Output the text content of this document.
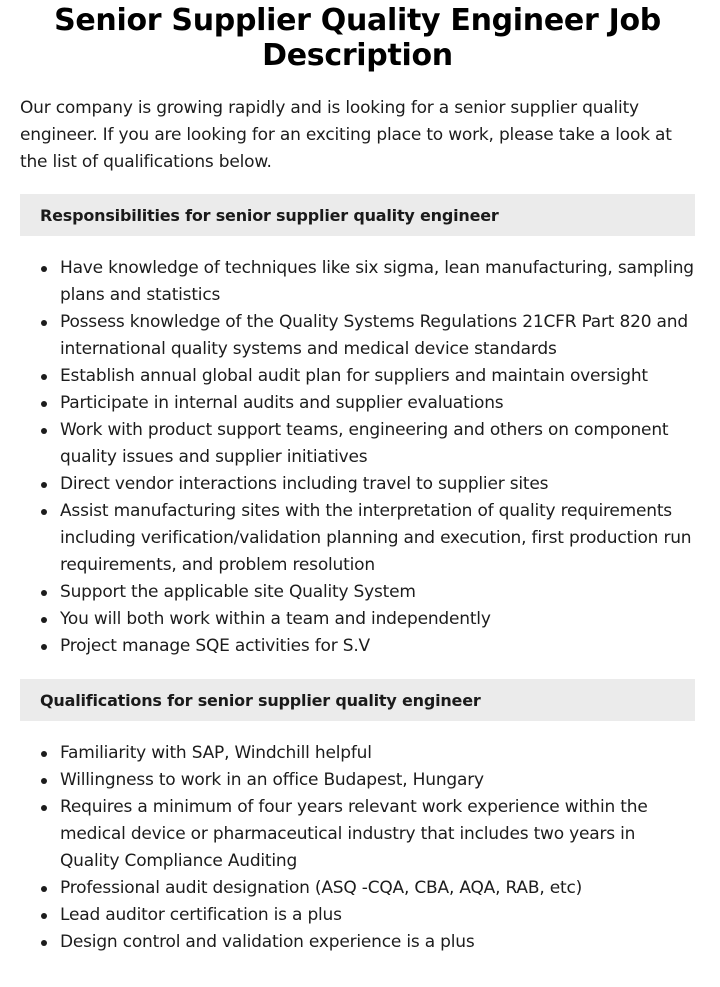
Senior Supplier Quality Engineer Job Description

Our company is growing rapidly and is looking for a senior supplier quality engineer. If you are looking for an exciting place to work, please take a look at the list of qualifications below.

Responsibilities for senior supplier quality engineer
Have knowledge of techniques like six sigma, lean manufacturing, sampling plans and statistics
Possess knowledge of the Quality Systems Regulations 21CFR Part 820 and international quality systems and medical device standards
Establish annual global audit plan for suppliers and maintain oversight
Participate in internal audits and supplier evaluations
Work with product support teams, engineering and others on component quality issues and supplier initiatives
Direct vendor interactions including travel to supplier sites
Assist manufacturing sites with the interpretation of quality requirements including verification/validation planning and execution, first production run requirements, and problem resolution
Support the applicable site Quality System
You will both work within a team and independently
Project manage SQE activities for S.V
Qualifications for senior supplier quality engineer
Familiarity with SAP, Windchill helpful
Willingness to work in an office Budapest, Hungary
Requires a minimum of four years relevant work experience within the medical device or pharmaceutical industry that includes two years in Quality Compliance Auditing
Professional audit designation (ASQ -CQA, CBA, AQA, RAB, etc)
Lead auditor certification is a plus
Design control and validation experience is a plus
